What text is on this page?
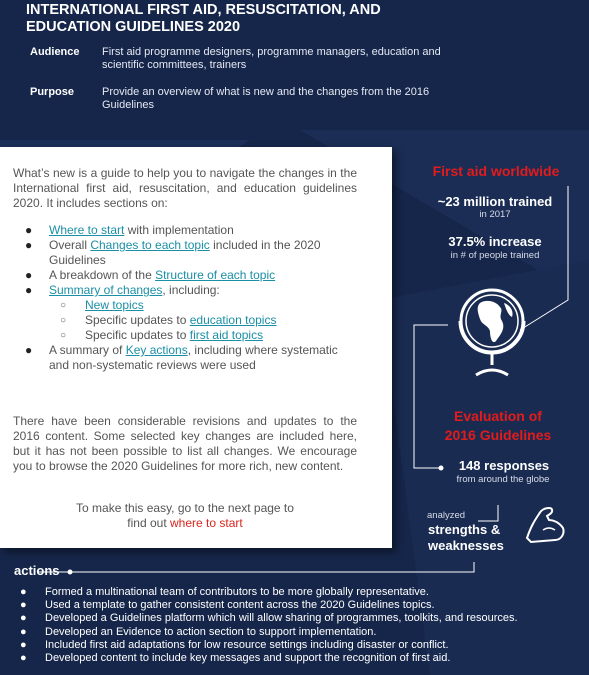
INTERNATIONAL FIRST AID, RESUSCITATION, AND EDUCATION GUIDELINES 2020
Audience	First aid programme designers, programme managers, education and scientific committees, trainers
Purpose	Provide an overview of what is new and the changes from the 2016 Guidelines

What’s new is a guide to help you to navigate the changes in the International first aid, resuscitation, and education guidelines 2020. It includes sections on:

● Where to start with implementation
● Overall Changes to each topic included in the 2020 Guidelines
● A breakdown of the Structure of each topic
● Summary of changes, including:
○ New topics
○ Specific updates to education topics
○ Specific updates to first aid topics
● A summary of Key actions, including where systematic and non-systematic reviews were used

There have been considerable revisions and updates to the 2016 content. Some selected key changes are included here, but it has not been possible to list all changes. We encourage you to browse the 2020 Guidelines for more rich, new content.

To make this easy, go to the next page to
find out where to start
First aid worldwide
~23 million trained
in 2017
37.5% increase
in # of people trained
Evaluation of
2016 Guidelines
148 responses
from around the globe
analyzed
strengths &
weaknesses
actions
● Formed a multinational team of contributors to be more globally representative.
● Used a template to gather consistent content across the 2020 Guidelines topics.
● Developed a Guidelines platform which will allow sharing of programmes, toolkits, and resources.
● Developed an Evidence to action section to support implementation.
● Included first aid adaptations for low resource settings including disaster or conflict.
● Developed content to include key messages and support the recognition of first aid.
